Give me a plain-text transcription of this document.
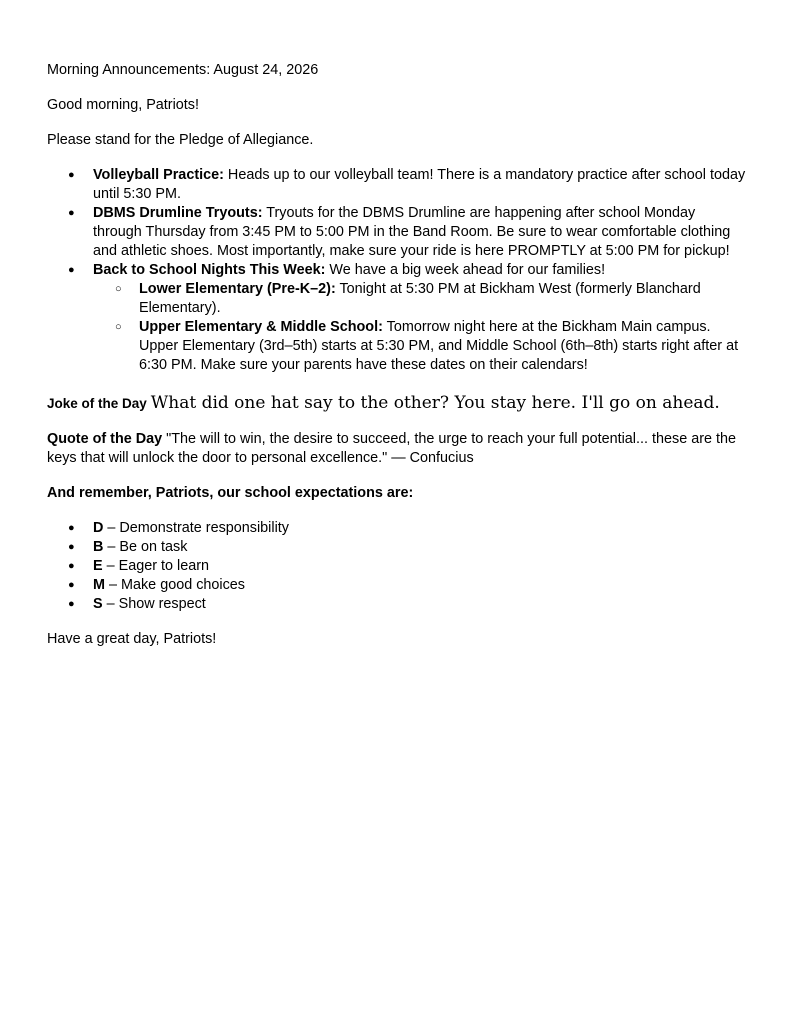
Morning Announcements: August 24, 2026

Good morning, Patriots!

Please stand for the Pledge of Allegiance.

● Volleyball Practice: Heads up to our volleyball team! There is a mandatory practice after school today until 5:30 PM.
● DBMS Drumline Tryouts: Tryouts for the DBMS Drumline are happening after school Monday through Thursday from 3:45 PM to 5:00 PM in the Band Room. Be sure to wear comfortable clothing and athletic shoes. Most importantly, make sure your ride is here PROMPTLY at 5:00 PM for pickup!
● Back to School Nights This Week: We have a big week ahead for our families!
○ Lower Elementary (Pre-K–2): Tonight at 5:30 PM at Bickham West (formerly Blanchard Elementary).
○ Upper Elementary & Middle School: Tomorrow night here at the Bickham Main campus. Upper Elementary (3rd–5th) starts at 5:30 PM, and Middle School (6th–8th) starts right after at 6:30 PM. Make sure your parents have these dates on their calendars!

Joke of the Day What did one hat say to the other? You stay here. I'll go on ahead.

Quote of the Day "The will to win, the desire to succeed, the urge to reach your full potential... these are the keys that will unlock the door to personal excellence." — Confucius

And remember, Patriots, our school expectations are:

● D – Demonstrate responsibility
● B – Be on task
● E – Eager to learn
● M – Make good choices
● S – Show respect

Have a great day, Patriots!
